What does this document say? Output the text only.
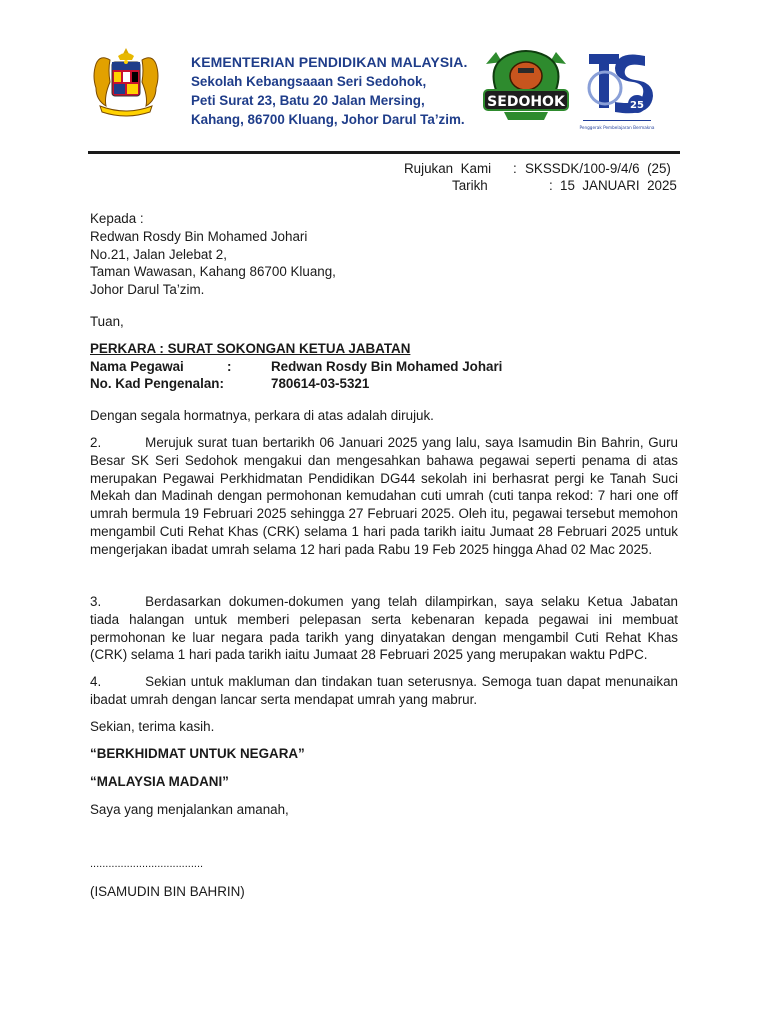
KEMENTERIAN PENDIDIKAN MALAYSIA.
Sekolah Kebangsaaan Seri Sedohok,
Peti Surat 23, Batu 20 Jalan Mersing,
Kahang, 86700 Kluang, Johor Darul Ta’zim.
SEDOHOK	25
Penggerak Pembelajaran Bermakna
Rujukan  Kami : SKSSDK/100-9/4/6  (25)
Tarikh	: 15  JANUARI  2025
Kepada :
Redwan Rosdy Bin Mohamed Johari
No.21, Jalan Jelebat 2,
Taman Wawasan, Kahang 86700 Kluang,
Johor Darul Ta’zim.
Tuan,
PERKARA : SURAT SOKONGAN KETUA JABATAN
Nama Pegawai	:	Redwan Rosdy Bin Mohamed Johari
No. Kad Pengenalan:	780614-03-5321
Dengan segala hormatnya, perkara di atas adalah dirujuk.
2.	Merujuk surat tuan bertarikh 06 Januari 2025 yang lalu, saya Isamudin Bin Bahrin, Guru Besar SK Seri Sedohok mengakui dan mengesahkan bahawa pegawai seperti penama di atas merupakan Pegawai Perkhidmatan Pendidikan DG44 sekolah ini berhasrat pergi ke Tanah Suci Mekah dan Madinah dengan permohonan kemudahan cuti umrah (cuti tanpa rekod: 7 hari one off umrah bermula 19 Februari 2025 sehingga 27 Februari 2025. Oleh itu, pegawai tersebut memohon mengambil Cuti Rehat Khas (CRK) selama 1 hari pada tarikh iaitu Jumaat 28 Februari 2025 untuk mengerjakan ibadat umrah selama 12 hari pada Rabu 19 Feb 2025 hingga Ahad 02 Mac 2025.
3.	Berdasarkan dokumen-dokumen yang telah dilampirkan, saya selaku Ketua Jabatan tiada halangan untuk memberi pelepasan serta kebenaran kepada pegawai ini membuat permohonan ke luar negara pada tarikh yang dinyatakan dengan mengambil Cuti Rehat Khas (CRK) selama 1 hari pada tarikh iaitu Jumaat 28 Februari 2025 yang merupakan waktu PdPC.
4.	Sekian untuk makluman dan tindakan tuan seterusnya. Semoga tuan dapat menunaikan ibadat umrah dengan lancar serta mendapat umrah yang mabrur.
Sekian, terima kasih.
“BERKHIDMAT UNTUK NEGARA”
“MALAYSIA MADANI”
Saya yang menjalankan amanah,
.....................................
(ISAMUDIN BIN BAHRIN)
